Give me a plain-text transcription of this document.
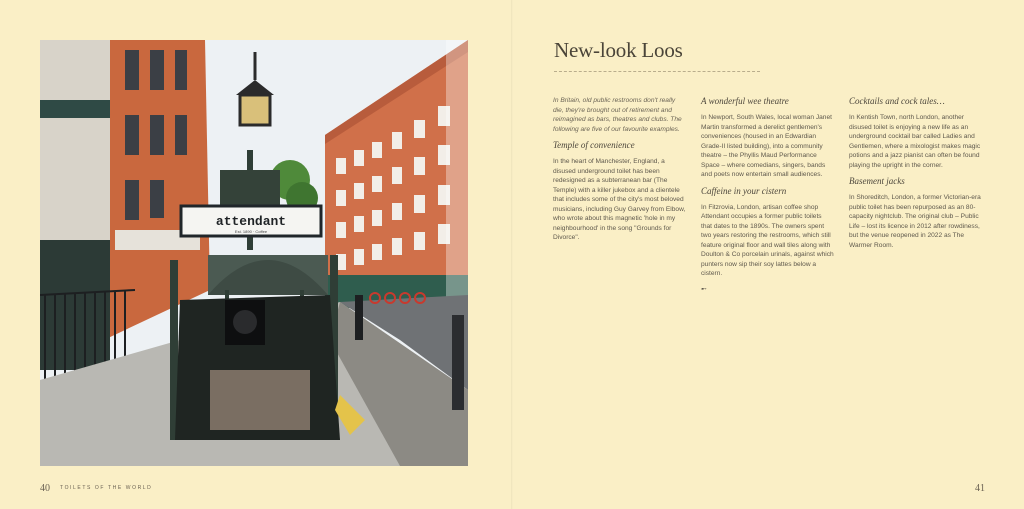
attendant
Est. 1890 · Coffee
40 TOILETS OF THE WORLD	41
New-look Loos

In Britain, old public restrooms don't really die, they're brought out of retirement and reimagined as bars, theatres and clubs. The following are five of our favourite examples.

Temple of convenience

In the heart of Manchester, England, a disused underground toilet has been redesigned as a subterranean bar (The Temple) with a killer jukebox and a clientele that includes some of the city's most beloved musicians, including Guy Garvey from Elbow, who wrote about this magnetic 'hole in my neighbourhood' in the song "Grounds for Divorce".

A wonderful wee theatre

In Newport, South Wales, local woman Janet Martin transformed a derelict gentlemen's conveniences (housed in an Edwardian Grade-II listed building), into a community theatre – the Phyllis Maud Performance Space – where comedians, singers, bands and poets now entertain small audiences.

Caffeine in your cistern

In Fitzrovia, London, artisan coffee shop Attendant occupies a former public toilets that dates to the 1890s. The owners spent two years restoring the restrooms, which still feature original floor and wall tiles along with Doulton & Co porcelain urinals, against which punters now sip their soy lattes below a cistern.

➸

Cocktails and cock tales…

In Kentish Town, north London, another disused toilet is enjoying a new life as an underground cocktail bar called Ladies and Gentlemen, where a mixologist makes magic potions and a jazz pianist can often be found playing the upright in the corner.

Basement jacks

In Shoreditch, London, a former Victorian-era public toilet has been repurposed as an 80-capacity nightclub. The original club – Public Life – lost its licence in 2012 after rowdiness, but the venue reopened in 2022 as The Warmer Room.
